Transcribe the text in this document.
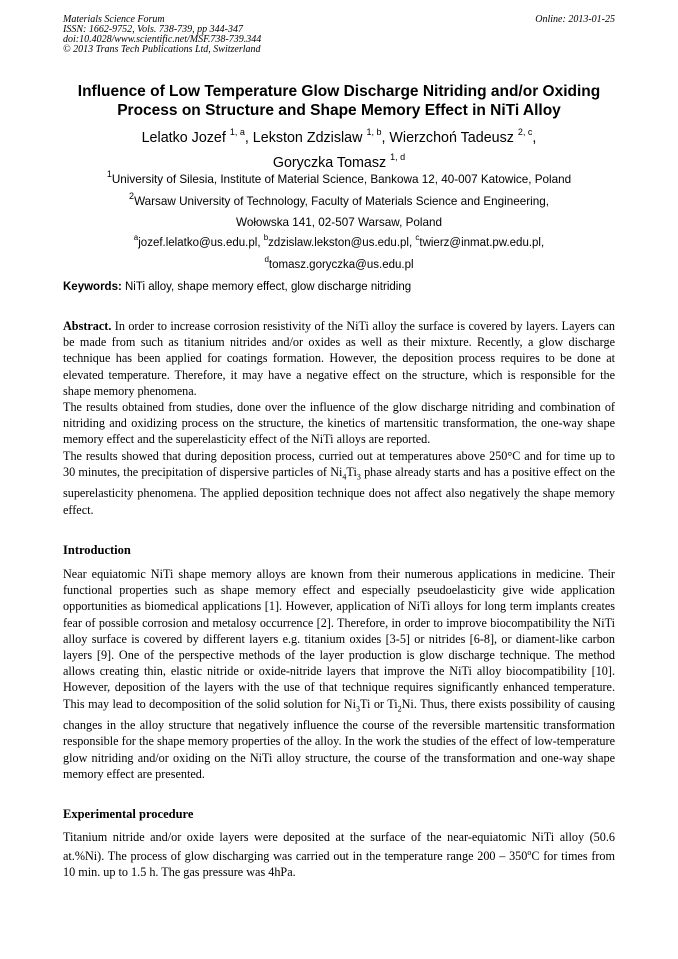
Materials Science Forum
ISSN: 1662-9752, Vols. 738-739, pp 344-347
doi:10.4028/www.scientific.net/MSF.738-739.344
© 2013 Trans Tech Publications Ltd, Switzerland
Online: 2013-01-25
Influence of Low Temperature Glow Discharge Nitriding and/or Oxiding
Process on Structure and Shape Memory Effect in NiTi Alloy
Lelatko Jozef $^{1, a}$, Lekston Zdzislaw $^{1, b}$, Wierzchoń Tadeusz $^{2, c}$,
Goryczka Tomasz $^{1, d}$
$^1$University of Silesia, Institute of Material Science, Bankowa 12, 40-007 Katowice, Poland
$^2$Warsaw University of Technology, Faculty of Materials Science and Engineering,
Wołowska 141, 02-507 Warsaw, Poland
$^a$jozef.lelatko@us.edu.pl, $^b$zdzislaw.lekston@us.edu.pl, $^c$twierz@inmat.pw.edu.pl,
$^d$tomasz.goryczka@us.edu.pl
Keywords: NiTi alloy, shape memory effect, glow discharge nitriding

Abstract. In order to increase corrosion resistivity of the NiTi alloy the surface is covered by layers. Layers can be made from such as titanium nitrides and/or oxides as well as their mixture. Recently, a glow discharge technique has been applied for coatings formation. However, the deposition process requires to be done at elevated temperature. Therefore, it may have a negative effect on the structure, which is responsible for the shape memory phenomena.

The results obtained from studies, done over the influence of the glow discharge nitriding and combination of nitriding and oxidizing process on the structure, the kinetics of martensitic transformation, the one-way shape memory effect and the superelasticity effect of the NiTi alloys are reported.

The results showed that during deposition process, curried out at temperatures above 250°C and for time up to 30 minutes, the precipitation of dispersive particles of $Ni_4Ti_3$ phase already starts and has a positive effect on the superelasticity phenomena. The applied deposition technique does not affect also negatively the shape memory effect.

Introduction

Near equiatomic NiTi shape memory alloys are known from their numerous applications in medicine. Their functional properties such as shape memory effect and especially pseudoelasticity give wide application opportunities as biomedical applications [1]. However, application of NiTi alloys for long term implants creates fear of possible corrosion and metalosy occurrence [2]. Therefore, in order to improve biocompatibility the NiTi alloy surface is covered by different layers e.g. titanium oxides [3-5] or nitrides [6-8], or diament-like carbon layers [9]. One of the perspective methods of the layer production is glow discharge technique. The method allows creating thin, elastic nitride or oxide-nitride layers that improve the NiTi alloy biocompatibility [10]. However, deposition of the layers with the use of that technique requires significantly enhanced temperature. This may lead to decomposition of the solid solution for $Ni_3Ti$ or $Ti_2Ni$. Thus, there exists possibility of causing changes in the alloy structure that negatively influence the course of the reversible martensitic transformation responsible for the shape memory properties of the alloy. In the work the studies of the effect of low-temperature glow nitriding and/or oxiding on the NiTi alloy structure, the course of the transformation and one-way shape memory effect are presented.

Experimental procedure

Titanium nitride and/or oxide layers were deposited at the surface of the near-equiatomic NiTi alloy (50.6 at.%Ni). The process of glow discharging was carried out in the temperature range 200 – 350$^o$C for times from 10 min. up to 1.5 h. The gas pressure was 4hPa.
